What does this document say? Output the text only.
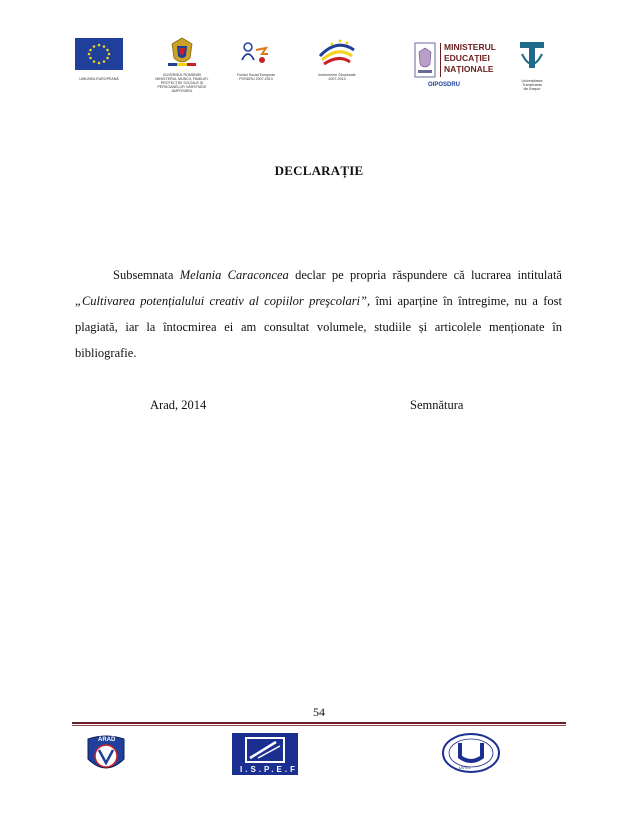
UNIUNEA EUROPEANĂ
GUVERNUL ROMÂNIEI
MINISTERUL MUNCII, FAMILIEI,
PROTECŢIEI SOCIALE ŞI
PERSOANELOR VÂRSTNICE
AMPOSDRU
Fondul Social European
POSDRU 2007-2013
Instrumente Structurale
2007-2013
MINISTERUL
EDUCAŢIEI
NAŢIONALE
OIPOSDRU
Universitatea
Transilvania
din Braşov
DECLARAȚIE
Subsemnata Melania Caraconcea declar pe propria răspundere că lucrarea intitulată „Cultivarea potențialului creativ al copiilor preşcolari”, îmi aparține în întregime, nu a fost plagiată, iar la întocmirea ei am consultat volumele, studiile și articolele menționate în bibliografie.
Arad, 2014	Semnătura
54
ARAD
I.S.P.E.F	UVVG
